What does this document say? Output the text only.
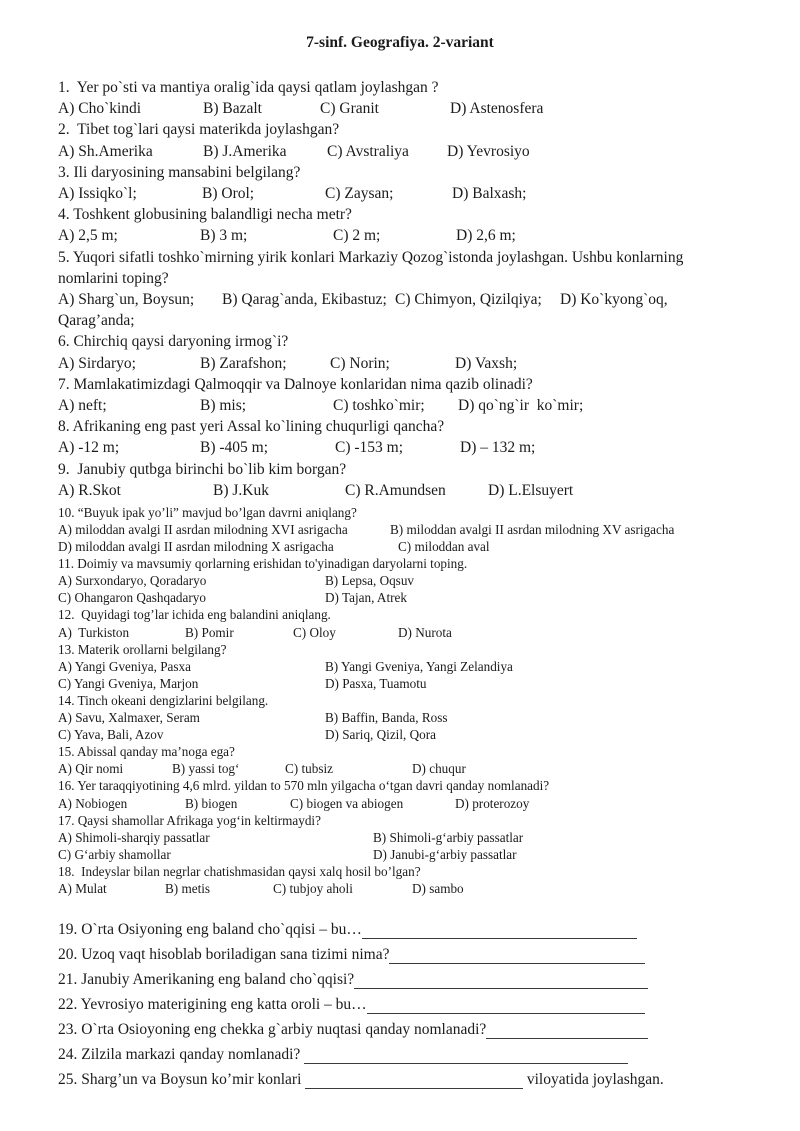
7-sinf. Geografiya. 2-variant
1.  Yer po`sti va mantiya oralig`ida qaysi qatlam joylashgan ?
A) Cho`kindi	B) Bazalt	C) Granit	D) Astenosfera
2.  Tibet tog`lari qaysi materikda joylashgan?
A) Sh.Amerika	B) J.Amerika	C) Avstraliya D) Yevrosiyo
3. Ili daryosining mansabini belgilang?
A) Issiqko`l;	B) Orol;	C) Zaysan;	D) Balxash;
4. Toshkent globusining balandligi necha metr?
A) 2,5 m;	B) 3 m;	C) 2 m;	D) 2,6 m;
5. Yuqori sifatli toshko`mirning yirik konlari Markaziy Qozog`istonda joylashgan. Ushbu konlarning
nomlarini toping?
A) Sharg`un, Boysun; B) Qarag`anda, Ekibastuz; C) Chimyon, Qizilqiya; D) Ko`kyong`oq,
Qarag’anda;
6. Chirchiq qaysi daryoning irmog`i?
A) Sirdaryo;	B) Zarafshon;	C) Norin;	D) Vaxsh;
7. Mamlakatimizdagi Qalmoqqir va Dalnoye konlaridan nima qazib olinadi?
A) neft;	B) mis;	C) toshko`mir; D) qo`ng`ir  ko`mir;
8. Afrikaning eng past yeri Assal ko`lining chuqurligi qancha?
A) -12 m;	B) -405 m;	C) -153 m;	D) – 132 m;
9.  Janubiy qutbga birinchi bo`lib kim borgan?
A) R.Skot	B) J.Kuk	C) R.Amundsen	D) L.Elsuyert
10. “Buyuk ipak yo’li” mavjud bo’lgan davrni aniqlang?
A) miloddan avalgi II asrdan milodning XVI asrigacha	B) miloddan avalgi II asrdan milodning XV asrigacha
D) miloddan avalgi II asrdan milodning X asrigacha	C) miloddan aval
11. Doimiy va mavsumiy qorlarning erishidan to'yinadigan daryolarni toping.
A) Surxondaryo, Qoradaryo	B) Lepsa, Oqsuv
C) Ohangaron Qashqadaryo	D) Tajan, Atrek
12.  Quyidagi tog’lar ichida eng balandini aniqlang.
A)  Turkiston	B) Pomir	C) Oloy	D) Nurota
13. Materik orollarni belgilang?
A) Yangi Gveniya, Pasxa	B) Yangi Gveniya, Yangi Zelandiya
C) Yangi Gveniya, Marjon	D) Pasxa, Tuamotu
14. Tinch okeani dengizlarini belgilang.
A) Savu, Xalmaxer, Seram	B) Baffin, Banda, Ross
C) Yava, Bali, Azov	D) Sariq, Qizil, Qora
15. Abissal qanday ma’noga ega?
A) Qir nomi	B) yassi tog‘	C) tubsiz	D) chuqur
16. Yer taraqqiyotining 4,6 mlrd. yildan to 570 mln yilgacha o‘tgan davri qanday nomlanadi?
A) Nobiogen	B) biogen	C) biogen va abiogen	D) proterozoy
17. Qaysi shamollar Afrikaga yog‘in keltirmaydi?
A) Shimoli-sharqiy passatlar	B) Shimoli-g‘arbiy passatlar
C) G‘arbiy shamollar	D) Janubi-g‘arbiy passatlar
18.  Indeyslar bilan negrlar chatishmasidan qaysi xalq hosil bo’lgan?
A) Mulat	B) metis	C) tubjoy aholi	D) sambo
19. O`rta Osiyoning eng baland cho`qqisi – bu…
20. Uzoq vaqt hisoblab boriladigan sana tizimi nima?
21. Janubiy Amerikaning eng baland cho`qqisi?
22. Yevrosiyo materigining eng katta oroli – bu…
23. O`rta Osioyoning eng chekka g`arbiy nuqtasi qanday nomlanadi?
24. Zilzila markazi qanday nomlanadi?
25. Sharg’un va Boysun ko’mir konlari	viloyatida joylashgan.
